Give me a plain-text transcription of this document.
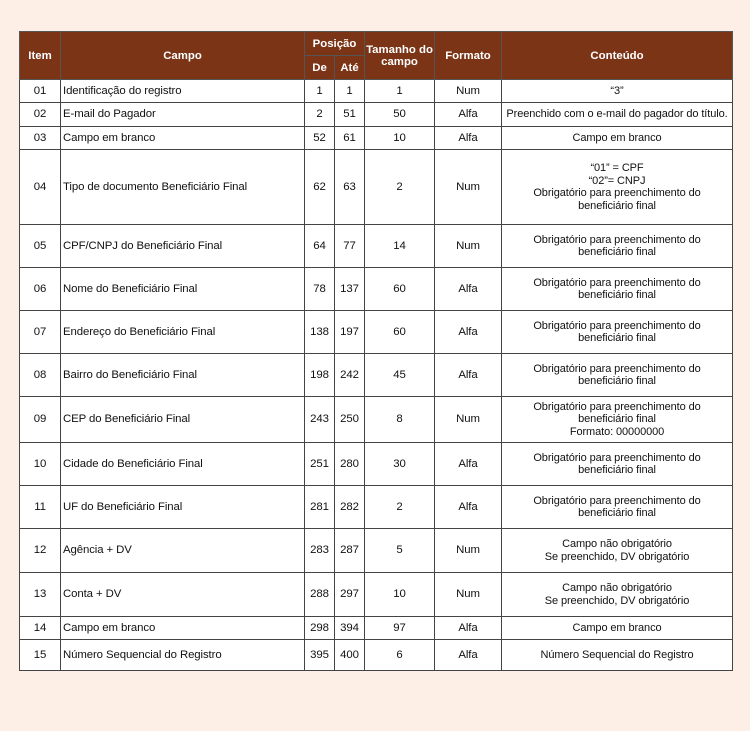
Item	Campo	Posição		Tamanho do campo	Formato	Conteúdo
		De	Até			
01	Identificação do registro	1	1	1	Num	“3”

02	E-mail do Pagador	2	51	50	Alfa	Preenchido com o e-mail do pagador do título.

03	Campo em branco	52	61	10	Alfa	Campo em branco

04	Tipo de documento Beneficiário Final	62	63	2	Num	“01” = CPF
“02”= CNPJ
Obrigatório para preenchimento do
beneficiário final

05	CPF/CNPJ do Beneficiário Final	64	77	14	Num	Obrigatório para preenchimento do
beneficiário final

06	Nome do Beneficiário Final	78	137	60	Alfa	Obrigatório para preenchimento do
beneficiário final

07	Endereço do Beneficiário Final	138	197	60	Alfa	Obrigatório para preenchimento do
beneficiário final

08	Bairro do Beneficiário Final	198	242	45	Alfa	Obrigatório para preenchimento do
beneficiário final

09	CEP do Beneficiário Final	243	250	8	Num	Obrigatório para preenchimento do
beneficiário final
Formato: 00000000

10	Cidade do Beneficiário Final	251	280	30	Alfa	Obrigatório para preenchimento do
beneficiário final

11	UF do Beneficiário Final	281	282	2	Alfa	Obrigatório para preenchimento do
beneficiário final

12	Agência + DV	283	287	5	Num	Campo não obrigatório
Se preenchido, DV obrigatório

13	Conta + DV	288	297	10	Num	Campo não obrigatório
Se preenchido, DV obrigatório

14	Campo em branco	298	394	97	Alfa	Campo em branco

15	Número Sequencial do Registro	395	400	6	Alfa	Número Sequencial do Registro
